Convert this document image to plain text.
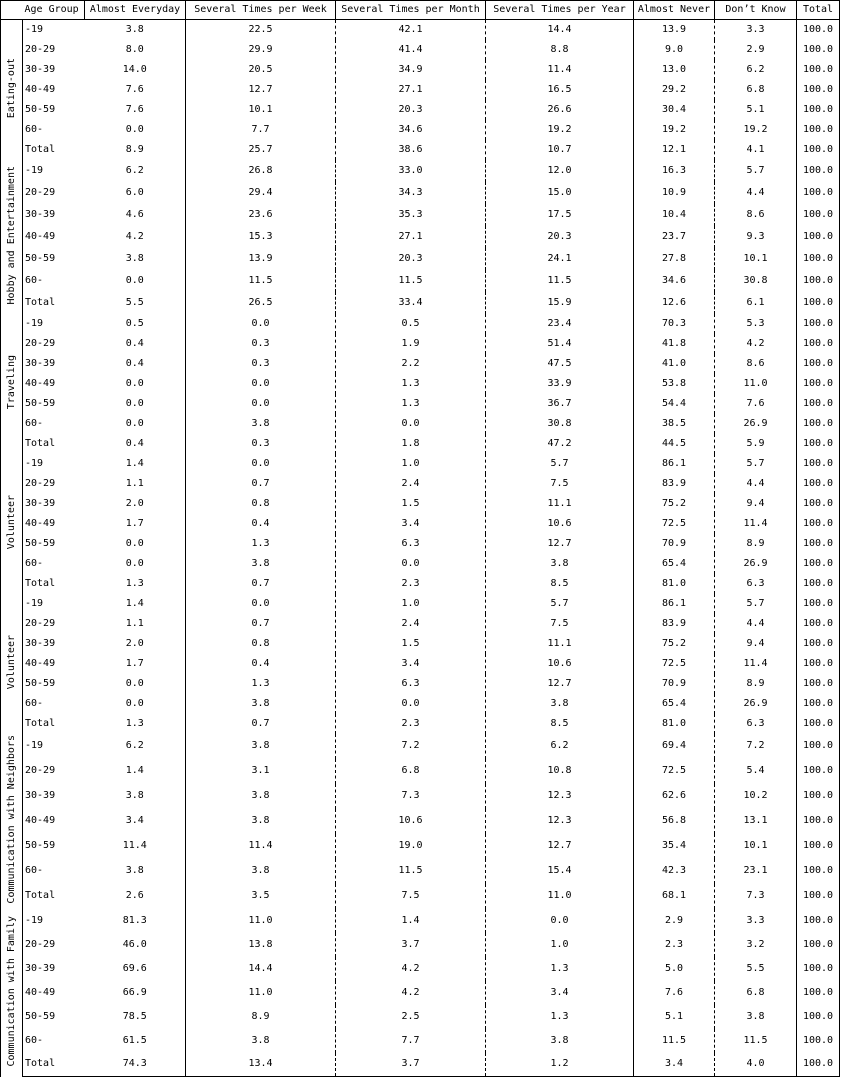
	Age Group	Almost Everyday	Several Times per Week	Several Times per Month	Several Times per Year	Almost Never	Don’t Know	Total
Eating-out	-19	3.8	22.5	42.1	14.4	13.9	3.3	100.0
	20-29	8.0	29.9	41.4	8.8	9.0	2.9	100.0
	30-39	14.0	20.5	34.9	11.4	13.0	6.2	100.0
	40-49	7.6	12.7	27.1	16.5	29.2	6.8	100.0
	50-59	7.6	10.1	20.3	26.6	30.4	5.1	100.0
	60-	0.0	7.7	34.6	19.2	19.2	19.2	100.0
	Total	8.9	25.7	38.6	10.7	12.1	4.1	100.0
Hobby and Entertainment	-19	6.2	26.8	33.0	12.0	16.3	5.7	100.0
	20-29	6.0	29.4	34.3	15.0	10.9	4.4	100.0
	30-39	4.6	23.6	35.3	17.5	10.4	8.6	100.0
	40-49	4.2	15.3	27.1	20.3	23.7	9.3	100.0
	50-59	3.8	13.9	20.3	24.1	27.8	10.1	100.0
	60-	0.0	11.5	11.5	11.5	34.6	30.8	100.0
	Total	5.5	26.5	33.4	15.9	12.6	6.1	100.0
Traveling	-19	0.5	0.0	0.5	23.4	70.3	5.3	100.0
	20-29	0.4	0.3	1.9	51.4	41.8	4.2	100.0
	30-39	0.4	0.3	2.2	47.5	41.0	8.6	100.0
	40-49	0.0	0.0	1.3	33.9	53.8	11.0	100.0
	50-59	0.0	0.0	1.3	36.7	54.4	7.6	100.0
	60-	0.0	3.8	0.0	30.8	38.5	26.9	100.0
	Total	0.4	0.3	1.8	47.2	44.5	5.9	100.0
Volunteer	-19	1.4	0.0	1.0	5.7	86.1	5.7	100.0
	20-29	1.1	0.7	2.4	7.5	83.9	4.4	100.0
	30-39	2.0	0.8	1.5	11.1	75.2	9.4	100.0
	40-49	1.7	0.4	3.4	10.6	72.5	11.4	100.0
	50-59	0.0	1.3	6.3	12.7	70.9	8.9	100.0
	60-	0.0	3.8	0.0	3.8	65.4	26.9	100.0
	Total	1.3	0.7	2.3	8.5	81.0	6.3	100.0
Volunteer	-19	1.4	0.0	1.0	5.7	86.1	5.7	100.0
	20-29	1.1	0.7	2.4	7.5	83.9	4.4	100.0
	30-39	2.0	0.8	1.5	11.1	75.2	9.4	100.0
	40-49	1.7	0.4	3.4	10.6	72.5	11.4	100.0
	50-59	0.0	1.3	6.3	12.7	70.9	8.9	100.0
	60-	0.0	3.8	0.0	3.8	65.4	26.9	100.0
	Total	1.3	0.7	2.3	8.5	81.0	6.3	100.0
Communication with Neighbors	-19	6.2	3.8	7.2	6.2	69.4	7.2	100.0
	20-29	1.4	3.1	6.8	10.8	72.5	5.4	100.0
	30-39	3.8	3.8	7.3	12.3	62.6	10.2	100.0
	40-49	3.4	3.8	10.6	12.3	56.8	13.1	100.0
	50-59	11.4	11.4	19.0	12.7	35.4	10.1	100.0
	60-	3.8	3.8	11.5	15.4	42.3	23.1	100.0
	Total	2.6	3.5	7.5	11.0	68.1	7.3	100.0
Communication with Family	-19	81.3	11.0	1.4	0.0	2.9	3.3	100.0
	20-29	46.0	13.8	3.7	1.0	2.3	3.2	100.0
	30-39	69.6	14.4	4.2	1.3	5.0	5.5	100.0
	40-49	66.9	11.0	4.2	3.4	7.6	6.8	100.0
	50-59	78.5	8.9	2.5	1.3	5.1	3.8	100.0
	60-	61.5	3.8	7.7	3.8	11.5	11.5	100.0
	Total	74.3	13.4	3.7	1.2	3.4	4.0	100.0
